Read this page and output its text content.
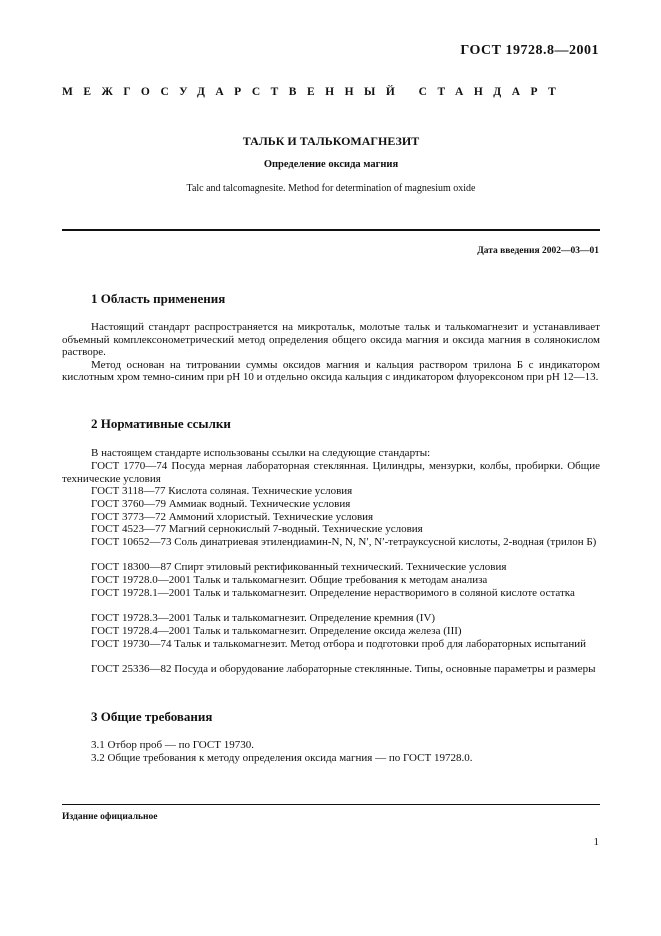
ГОСТ 19728.8—2001
МЕЖГОСУДАРСТВЕННЫЙ СТАНДАРТ
ТАЛЬК И ТАЛЬКОМАГНЕЗИТ
Определение оксида магния
Talc and talcomagnesite. Method for determination of magnesium oxide
Дата введения 2002—03—01
1 Область применения

Настоящий стандарт распространяется на микротальк, молотые тальк и талькомагнезит и устанавливает объемный комплексонометрический метод определения общего оксида магния и оксида магния в солянокислом растворе.

Метод основан на титровании суммы оксидов магния и кальция раствором трилона Б с индикатором кислотным хром темно-синим при pH 10 и отдельно оксида кальция с индикатором флуорексоном при pH 12—13.

2 Нормативные ссылки
В настоящем стандарте использованы ссылки на следующие стандарты:
ГОСТ 1770—74 Посуда мерная лабораторная стеклянная. Цилиндры, мензурки, колбы, пробирки. Общие технические условия
ГОСТ 3118—77 Кислота соляная. Технические условия
ГОСТ 3760—79 Аммиак водный. Технические условия
ГОСТ 3773—72 Аммоний хлористый. Технические условия
ГОСТ 4523—77 Магний сернокислый 7-водный. Технические условия
ГОСТ 10652—73 Соль динатриевая этилендиамин-N, N, N′, N′-тетрауксусной кислоты, 2-водная (трилон Б)
ГОСТ 18300—87 Спирт этиловый ректификованный технический. Технические условия
ГОСТ 19728.0—2001 Тальк и талькомагнезит. Общие требования к методам анализа
ГОСТ 19728.1—2001 Тальк и талькомагнезит. Определение нерастворимого в соляной кислоте остатка
ГОСТ 19728.3—2001 Тальк и талькомагнезит. Определение кремния (IV)
ГОСТ 19728.4—2001 Тальк и талькомагнезит. Определение оксида железа (III)
ГОСТ 19730—74 Тальк и талькомагнезит. Метод отбора и подготовки проб для лабораторных испытаний
ГОСТ 25336—82 Посуда и оборудование лабораторные стеклянные. Типы, основные параметры и размеры
3 Общие требования
3.1 Отбор проб — по ГОСТ 19730.
3.2 Общие требования к методу определения оксида магния — по ГОСТ 19728.0.
Издание официальное
1
